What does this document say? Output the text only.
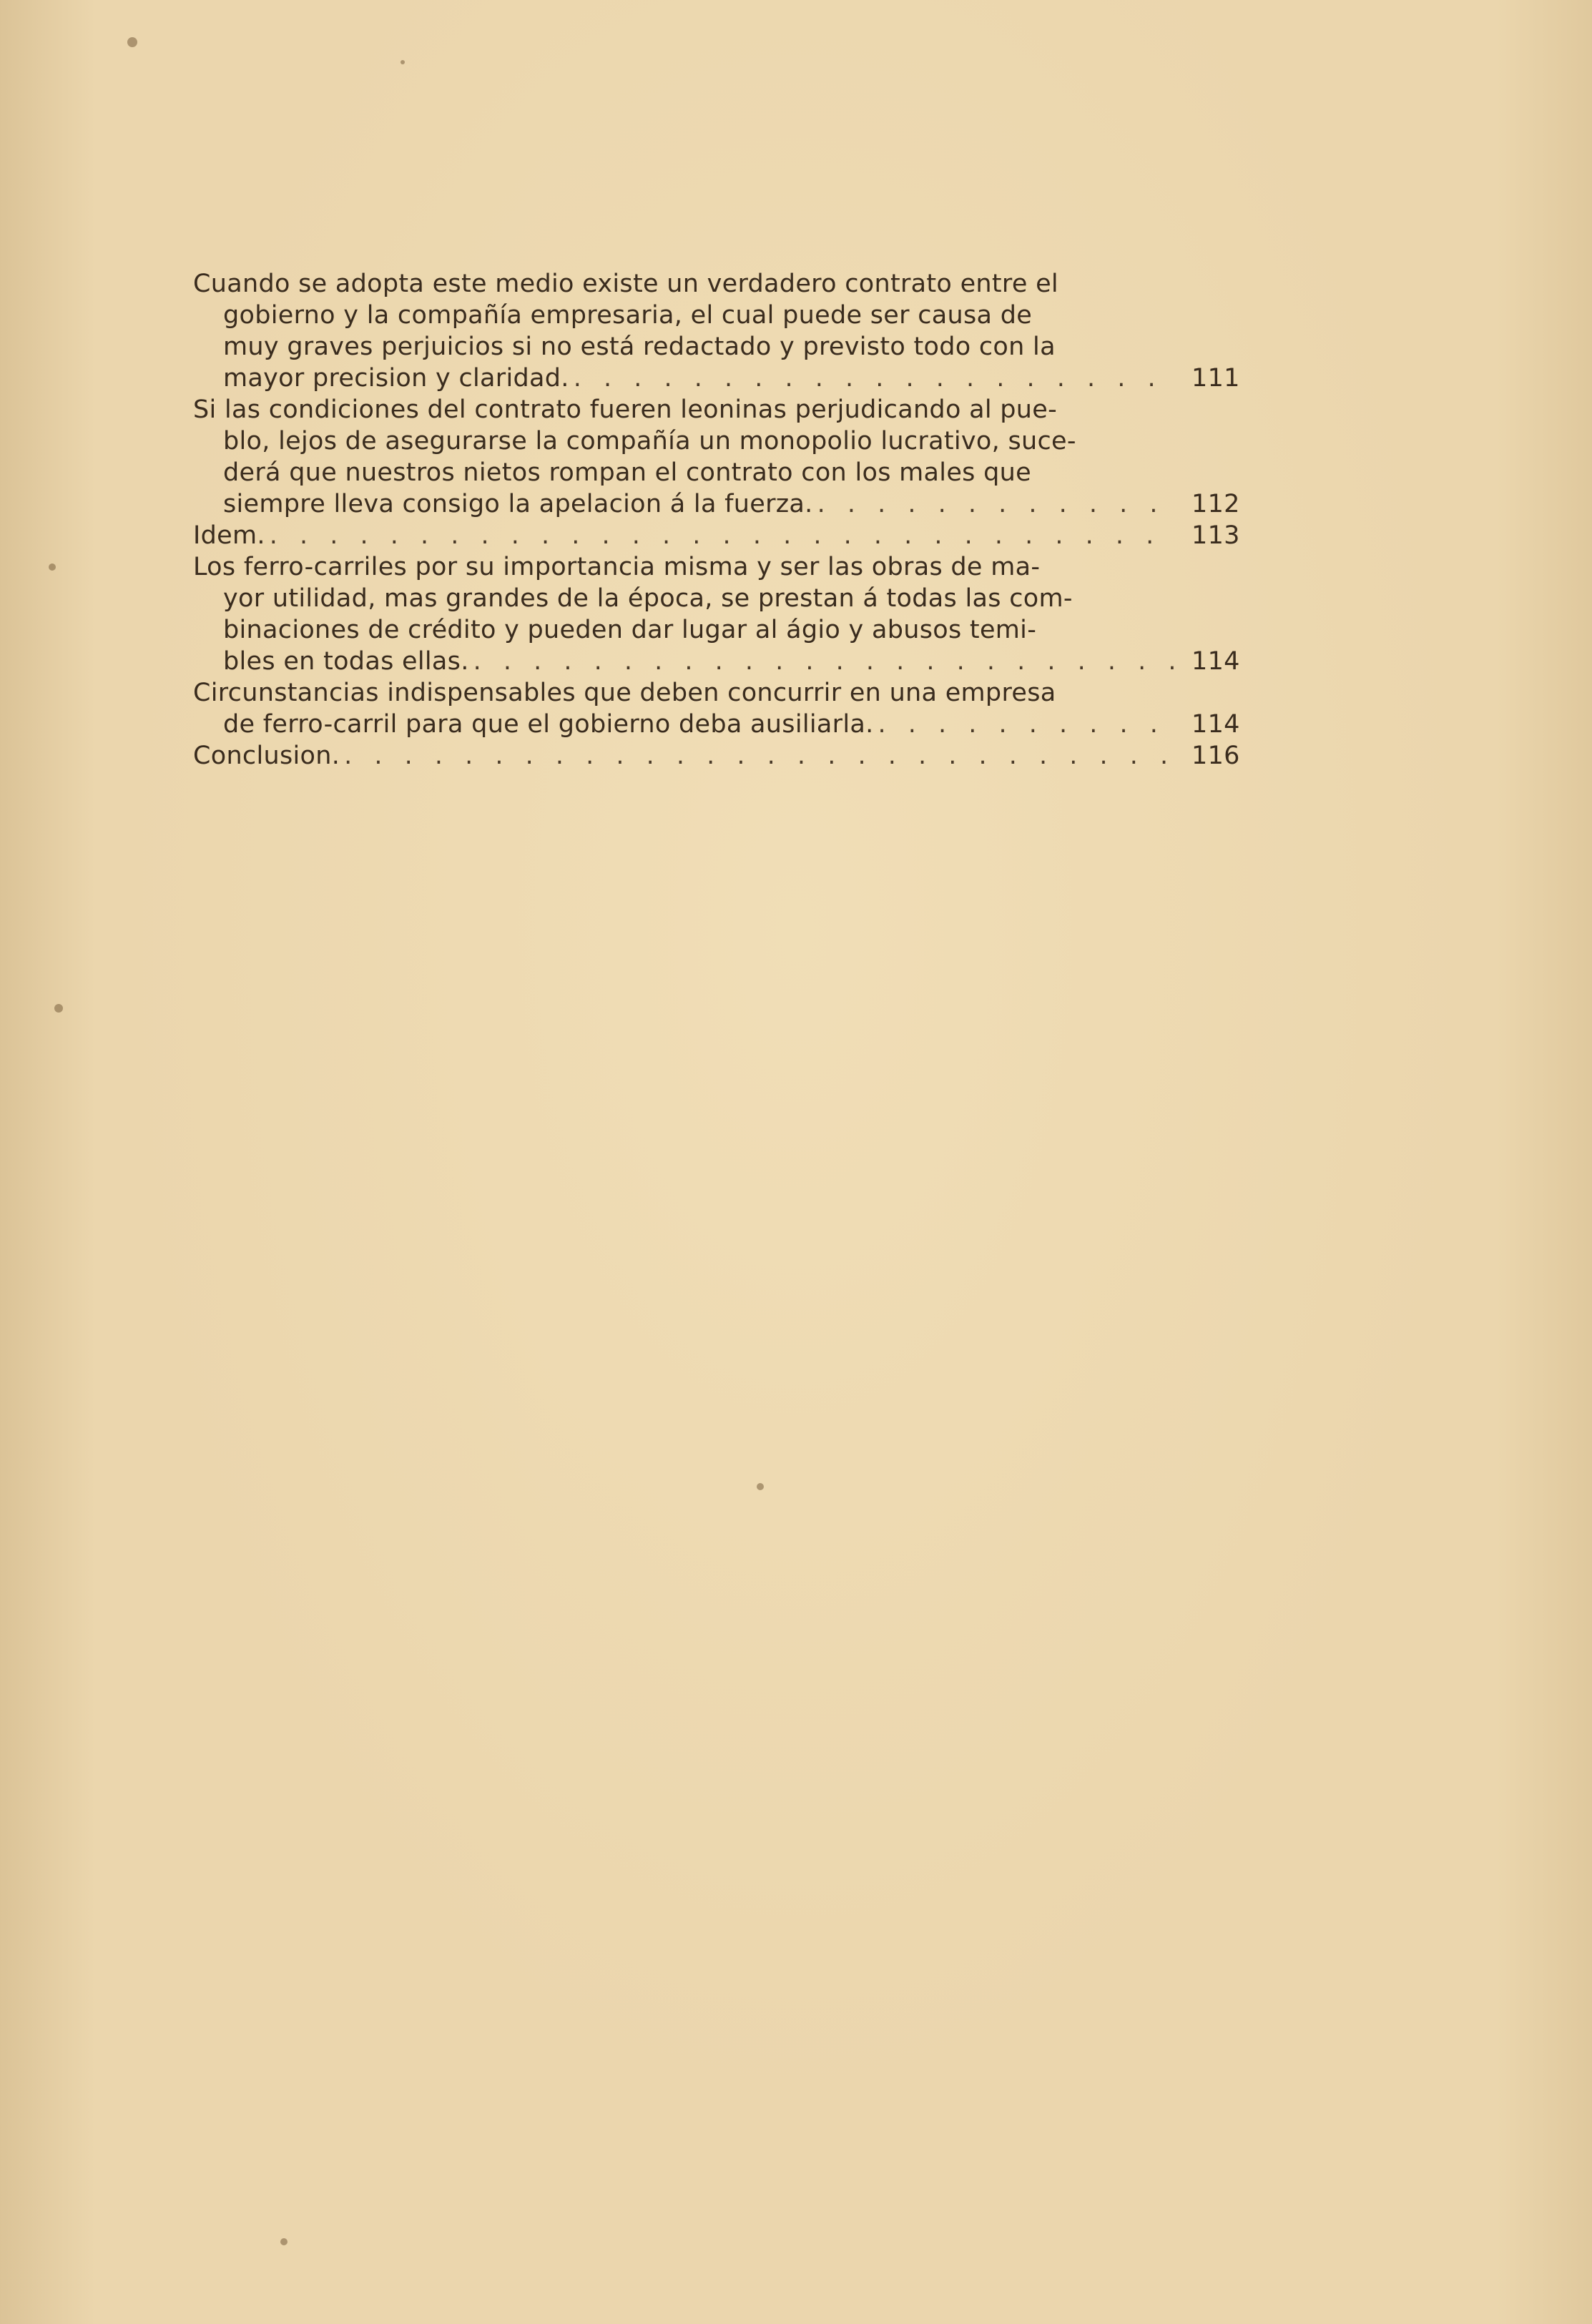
Cuando se adopta este medio existe un verdadero contrato entre el
gobierno y la compañía empresaria, el cual puede ser causa de
muy graves perjuicios si no está redactado y previsto todo con la
mayor precision y claridad. . . .	111
Si las condiciones del contrato fueren leoninas perjudicando al pue-
blo, lejos de asegurarse la compañía un monopolio lucrativo, suce-
derá que nuestros nietos rompan el contrato con los males que
siempre lleva consigo la apelacion á la fuerza. . . .	112
Idem. . . .	113
Los ferro-carriles por su importancia misma y ser las obras de ma-
yor utilidad, mas grandes de la época, se prestan á todas las com-
binaciones de crédito y pueden dar lugar al ágio y abusos temi-
bles en todas ellas. . . .	114
Circunstancias indispensables que deben concurrir en una empresa
de ferro-carril para que el gobierno deba ausiliarla. . . .	114
Conclusion. . . .	116
